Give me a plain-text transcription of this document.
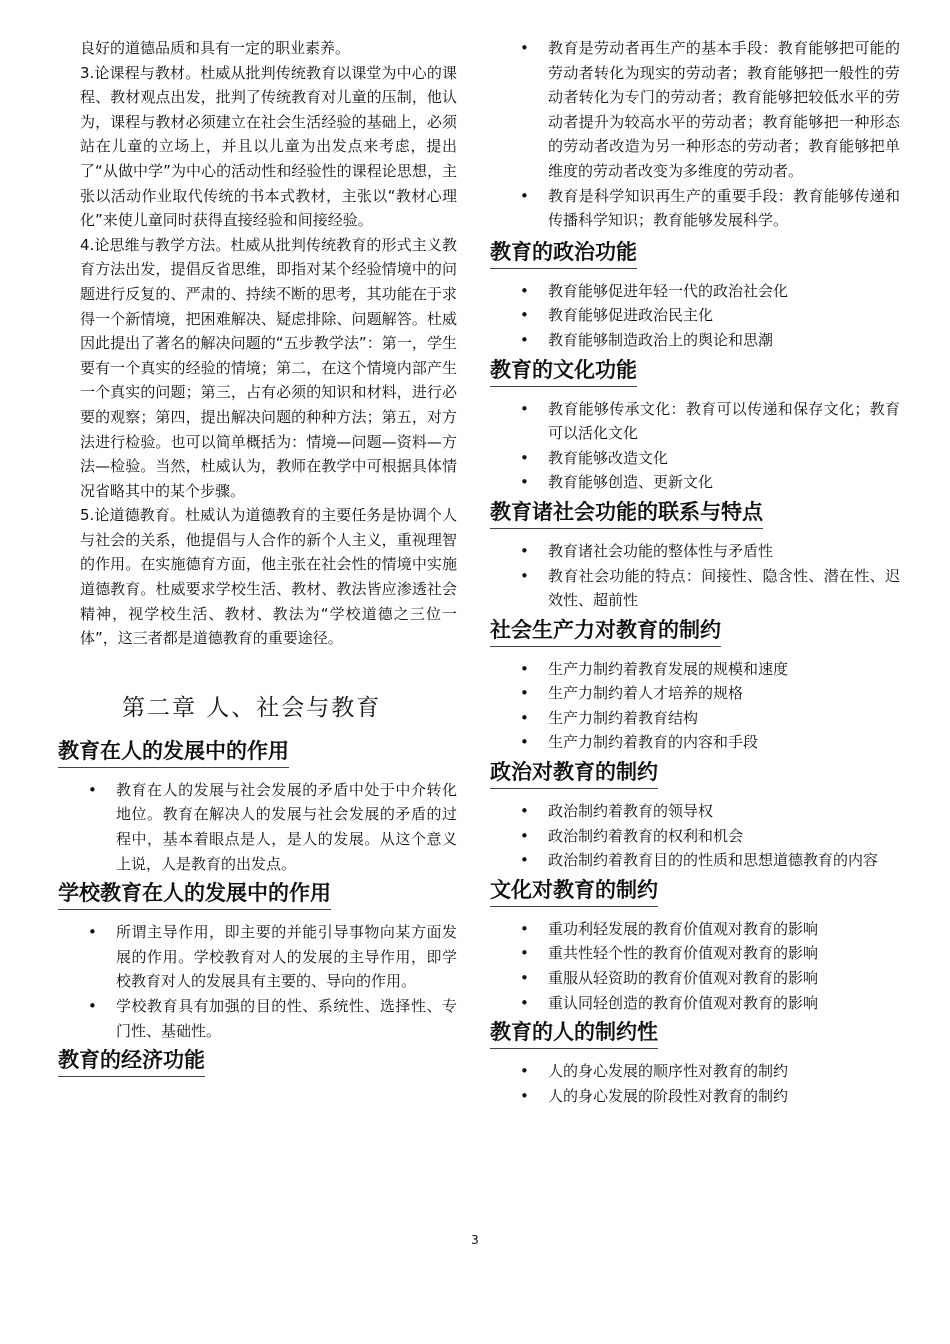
良好的道德品质和具有一定的职业素养。

3.论课程与教材。杜威从批判传统教育以课堂为中心的课程、教材观点出发，批判了传统教育对儿童的压制，他认为，课程与教材必须建立在社会生活经验的基础上，必须站在儿童的立场上，并且以儿童为出发点来考虑，提出了“从做中学”为中心的活动性和经验性的课程论思想，主张以活动作业取代传统的书本式教材，主张以“教材心理化”来使儿童同时获得直接经验和间接经验。

4.论思维与教学方法。杜威从批判传统教育的形式主义教育方法出发，提倡反省思维，即指对某个经验情境中的问题进行反复的、严肃的、持续不断的思考，其功能在于求得一个新情境，把困难解决、疑虑排除、问题解答。杜威因此提出了著名的解决问题的“五步教学法”：第一，学生要有一个真实的经验的情境；第二，在这个情境内部产生一个真实的问题；第三，占有必须的知识和材料，进行必要的观察；第四，提出解决问题的种种方法；第五，对方法进行检验。也可以简单概括为：情境—问题—资料—方法—检验。当然，杜威认为，教师在教学中可根据具体情况省略其中的某个步骤。

5.论道德教育。杜威认为道德教育的主要任务是协调个人与社会的关系，他提倡与人合作的新个人主义，重视理智的作用。在实施德育方面，他主张在社会性的情境中实施道德教育。杜威要求学校生活、教材、教法皆应渗透社会精神，视学校生活、教材、教法为“学校道德之三位一体”，这三者都是道德教育的重要途径。

第二章 人、社会与教育
教育在人的发展中的作用
• 教育在人的发展与社会发展的矛盾中处于中介转化地位。教育在解决人的发展与社会发展的矛盾的过程中，基本着眼点是人，是人的发展。从这个意义上说，人是教育的出发点。
学校教育在人的发展中的作用
• 所谓主导作用，即主要的并能引导事物向某方面发展的作用。学校教育对人的发展的主导作用，即学校教育对人的发展具有主要的、导向的作用。
• 学校教育具有加强的目的性、系统性、选择性、专门性、基础性。
教育的经济功能
• 教育是劳动者再生产的基本手段：教育能够把可能的劳动者转化为现实的劳动者；教育能够把一般性的劳动者转化为专门的劳动者；教育能够把较低水平的劳动者提升为较高水平的劳动者；教育能够把一种形态的劳动者改造为另一种形态的劳动者；教育能够把单维度的劳动者改变为多维度的劳动者。
• 教育是科学知识再生产的重要手段：教育能够传递和传播科学知识；教育能够发展科学。
教育的政治功能
• 教育能够促进年轻一代的政治社会化
• 教育能够促进政治民主化
• 教育能够制造政治上的舆论和思潮
教育的文化功能
• 教育能够传承文化：教育可以传递和保存文化；教育可以活化文化
• 教育能够改造文化
• 教育能够创造、更新文化
教育诸社会功能的联系与特点
• 教育诸社会功能的整体性与矛盾性
• 教育社会功能的特点：间接性、隐含性、潜在性、迟效性、超前性
社会生产力对教育的制约
• 生产力制约着教育发展的规模和速度
• 生产力制约着人才培养的规格
• 生产力制约着教育结构
• 生产力制约着教育的内容和手段
政治对教育的制约
• 政治制约着教育的领导权
• 政治制约着教育的权利和机会
• 政治制约着教育目的的性质和思想道德教育的内容
文化对教育的制约
• 重功利轻发展的教育价值观对教育的影响
• 重共性轻个性的教育价值观对教育的影响
• 重服从轻资助的教育价值观对教育的影响
• 重认同轻创造的教育价值观对教育的影响
教育的人的制约性
• 人的身心发展的顺序性对教育的制约
• 人的身心发展的阶段性对教育的制约
3
